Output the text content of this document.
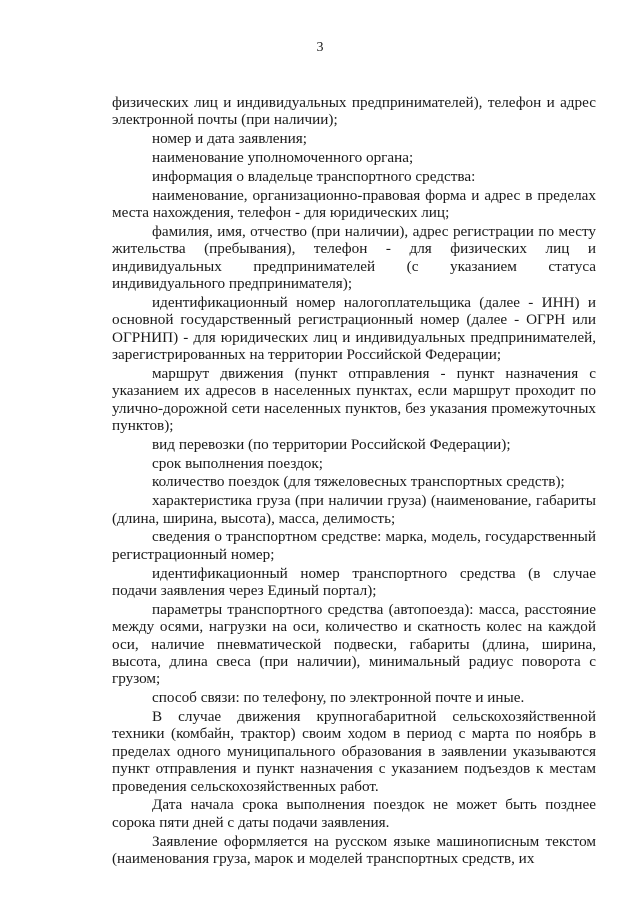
3

физических лиц и индивидуальных предпринимателей), телефон и адрес электронной почты (при наличии);

номер и дата заявления;

наименование уполномоченного органа;

информация о владельце транспортного средства:

наименование, организационно-правовая форма и адрес в пределах места нахождения, телефон - для юридических лиц;

фамилия, имя, отчество (при наличии), адрес регистрации по месту жительства (пребывания), телефон - для физических лиц и индивидуальных предпринимателей (с указанием статуса индивидуального предпринимателя);

идентификационный номер налогоплательщика (далее - ИНН) и основной государственный регистрационный номер (далее - ОГРН или ОГРНИП) - для юридических лиц и индивидуальных предпринимателей, зарегистрированных на территории Российской Федерации;

маршрут движения (пункт отправления - пункт назначения с указанием их адресов в населенных пунктах, если маршрут проходит по улично-дорожной сети населенных пунктов, без указания промежуточных пунктов);

вид перевозки (по территории Российской Федерации);

срок выполнения поездок;

количество поездок (для тяжеловесных транспортных средств);

характеристика груза (при наличии груза) (наименование, габариты (длина, ширина, высота), масса, делимость;

сведения о транспортном средстве: марка, модель, государственный регистрационный номер;

идентификационный номер транспортного средства (в случае подачи заявления через Единый портал);

параметры транспортного средства (автопоезда): масса, расстояние между осями, нагрузки на оси, количество и скатность колес на каждой оси, наличие пневматической подвески, габариты (длина, ширина, высота, длина свеса (при наличии), минимальный радиус поворота с грузом;

способ связи: по телефону, по электронной почте и иные.

В случае движения крупногабаритной сельскохозяйственной техники (комбайн, трактор) своим ходом в период с марта по ноябрь в пределах одного муниципального образования в заявлении указываются пункт отправления и пункт назначения с указанием подъездов к местам проведения сельскохозяйственных работ.

Дата начала срока выполнения поездок не может быть позднее сорока пяти дней с даты подачи заявления.

Заявление оформляется на русском языке машинописным текстом (наименования груза, марок и моделей транспортных средств, их
